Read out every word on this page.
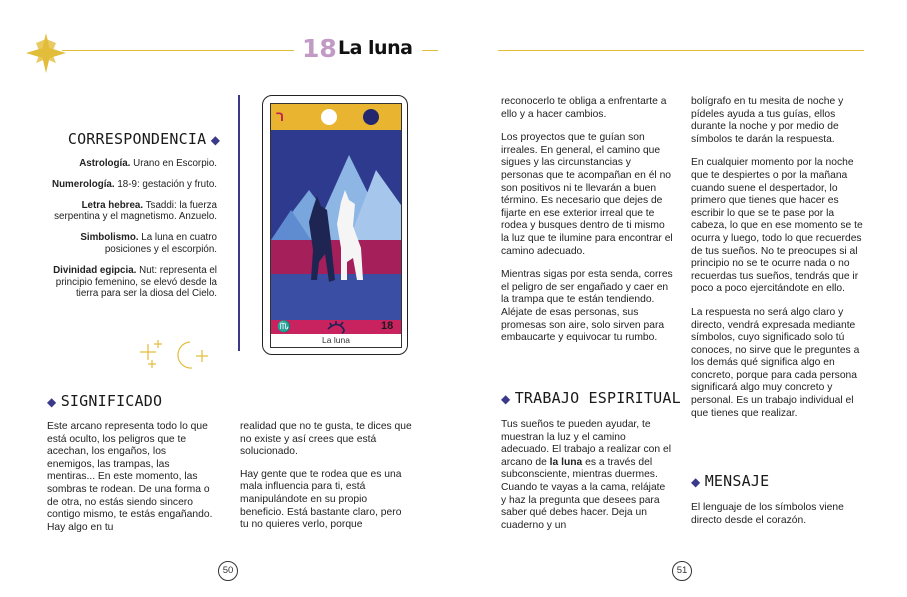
18 La luna
CORRESPONDENCIA ◆

Astrología. Urano en Escorpio.

Numerología. 18-9: gestación y fruto.

Letra hebrea. Tsaddi: la fuerza serpentina y el magnetismo. Anzuelo.

Simbolismo. La luna en cuatro posiciones y el escorpión.

Divinidad egipcia. Nut: representa el principio femenino, se elevó desde la tierra para ser la diosa del Cielo.

ﬧ
♏	18
La luna
◆ SIGNIFICADO

Este arcano representa todo lo que está oculto, los peligros que te acechan, los engaños, los enemigos, las trampas, las mentiras... En este momento, las sombras te rodean. De una forma o de otra, no estás siendo sincero contigo mismo, te estás engañando. Hay algo en tu

realidad que no te gusta, te dices que no existe y así crees que está solucionado.

Hay gente que te rodea que es una mala influencia para ti, está manipulándote en su propio beneficio. Está bastante claro, pero tu no quieres verlo, porque

50

reconocerlo te obliga a enfrentarte a ello y a hacer cambios.

Los proyectos que te guían son irreales. En general, el camino que sigues y las circunstancias y personas que te acompañan en él no son positivos ni te llevarán a buen término. Es necesario que dejes de fijarte en ese exterior irreal que te rodea y busques dentro de ti mismo la luz que te ilumine para encontrar el camino adecuado.

Mientras sigas por esta senda, corres el peligro de ser engañado y caer en la trampa que te están tendiendo. Aléjate de esas personas, sus promesas son aire, solo sirven para embaucarte y equivocar tu rumbo.

◆ TRABAJO ESPIRITUAL

Tus sueños te pueden ayudar, te muestran la luz y el camino adecuado. El trabajo a realizar con el arcano de la luna es a través del subconsciente, mientras duermes. Cuando te vayas a la cama, relájate y haz la pregunta que desees para saber qué debes hacer. Deja un cuaderno y un

bolígrafo en tu mesita de noche y pídeles ayuda a tus guías, ellos durante la noche y por medio de símbolos te darán la respuesta.

En cualquier momento por la noche que te despiertes o por la mañana cuando suene el despertador, lo primero que tienes que hacer es escribir lo que se te pase por la cabeza, lo que en ese momento se te ocurra y luego, todo lo que recuerdes de tus sueños. No te preocupes si al principio no se te ocurre nada o no recuerdas tus sueños, tendrás que ir poco a poco ejercitándote en ello.

La respuesta no será algo claro y directo, vendrá expresada mediante símbolos, cuyo significado solo tú conoces, no sirve que le preguntes a los demás qué significa algo en concreto, porque para cada persona significará algo muy concreto y personal. Es un trabajo individual el que tienes que realizar.

◆ MENSAJE

El lenguaje de los símbolos viene directo desde el corazón.

51
